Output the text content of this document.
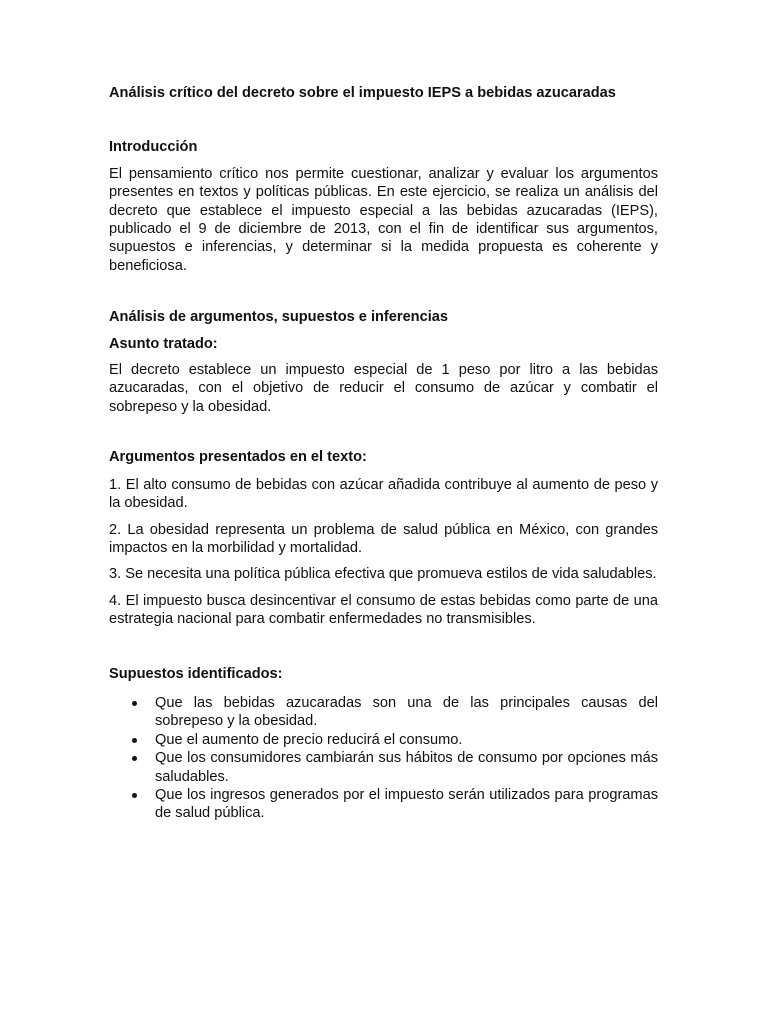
Análisis crítico del decreto sobre el impuesto IEPS a bebidas azucaradas

Introducción

El pensamiento crítico nos permite cuestionar, analizar y evaluar los argumentos presentes en textos y políticas públicas. En este ejercicio, se realiza un análisis del decreto que establece el impuesto especial a las bebidas azucaradas (IEPS), publicado el 9 de diciembre de 2013, con el fin de identificar sus argumentos, supuestos e inferencias, y determinar si la medida propuesta es coherente y beneficiosa.

Análisis de argumentos, supuestos e inferencias

Asunto tratado:

El decreto establece un impuesto especial de 1 peso por litro a las bebidas azucaradas, con el objetivo de reducir el consumo de azúcar y combatir el sobrepeso y la obesidad.

Argumentos presentados en el texto:

1. El alto consumo de bebidas con azúcar añadida contribuye al aumento de peso y la obesidad.

2. La obesidad representa un problema de salud pública en México, con grandes impactos en la morbilidad y mortalidad.

3. Se necesita una política pública efectiva que promueva estilos de vida saludables.

4. El impuesto busca desincentivar el consumo de estas bebidas como parte de una estrategia nacional para combatir enfermedades no transmisibles.

Supuestos identificados:

Que las bebidas azucaradas son una de las principales causas del sobrepeso y la obesidad.
Que el aumento de precio reducirá el consumo.
Que los consumidores cambiarán sus hábitos de consumo por opciones más saludables.
Que los ingresos generados por el impuesto serán utilizados para programas de salud pública.
